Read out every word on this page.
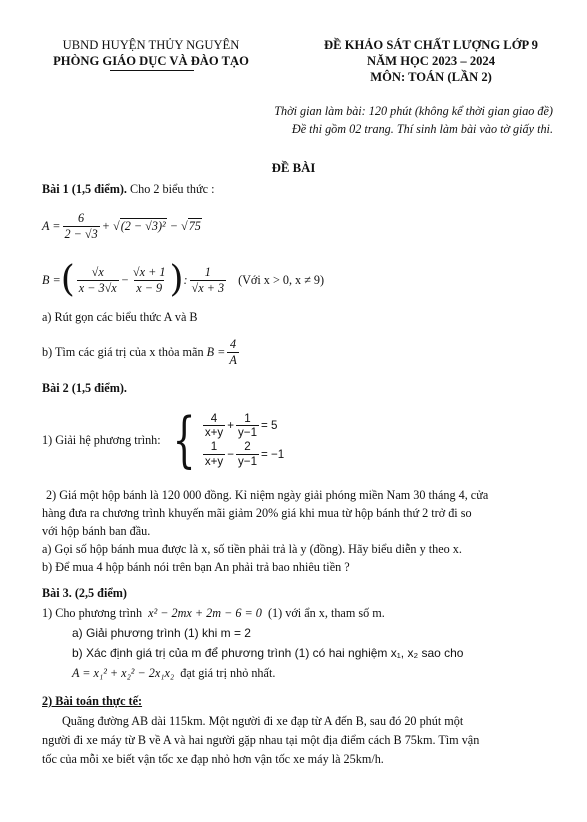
UBND HUYỆN THỦY NGUYÊN
PHÒNG GIÁO DỤC VÀ ĐÀO TẠO
ĐỀ KHẢO SÁT CHẤT LƯỢNG LỚP 9
NĂM HỌC 2023 – 2024
MÔN: TOÁN (LẦN 2)
Thời gian làm bài: 120 phút (không kể thời gian giao đề)
Đề thi gồm 02 trang. Thí sinh làm bài vào tờ giấy thi.
ĐỀ BÀI
Bài 1 (1,5 điểm). Cho 2 biểu thức :
$A = \frac{6}{2 - √3}$ + √ (2 − √3)²
− √ 75
B = ( $\frac{√x}{x - 3√x} - \frac{√x + 1}{x - 9}$ ) : $\frac{1}{√x + 3}$ (Với x > 0, x ≠ 9)
a) Rút gọn các biểu thức A và B
b) Tìm các giá trị của x thỏa mãn
$B = \frac{4}{A}$
Bài 2 (1,5 điểm).
1) Giải hệ phương trình: { $\frac{4}{x+y} + \frac{1}{y-1} = 5$
$\frac{1}{x+y} - \frac{2}{y-1} = -1$
2) Giá một hộp bánh là 120 000 đồng. Kỉ niệm ngày giải phóng miền Nam 30 tháng 4, cửa
hàng đưa ra chương trình khuyến mãi giảm 20% giá khi mua từ hộp bánh thứ 2 trở đi so
với hộp bánh ban đầu.
a) Gọi số hộp bánh mua được là x, số tiền phải trả là y (đồng). Hãy biểu diễn y theo x.
b) Để mua 4 hộp bánh nói trên bạn An phải trả bao nhiêu tiền ?
Bài 3. (2,5 điểm)
1) Cho phương trình x² − 2mx + 2m − 6 = 0 (1) với ẩn x, tham số m.
a) Giải phương trình (1) khi m = 2
b) Xác định giá trị của m để phương trình (1) có hai nghiệm x₁, x₂ sao cho
A = x₁² + x₂² − 2x₁x₂ đạt giá trị nhỏ nhất.
2) Bài toán thực tế:
Quãng đường AB dài 115km. Một người đi xe đạp từ A đến B, sau đó 20 phút một
người đi xe máy từ B về A và hai người gặp nhau tại một địa điểm cách B 75km. Tìm vận
tốc của mỗi xe biết vận tốc xe đạp nhỏ hơn vận tốc xe máy là 25km/h.
